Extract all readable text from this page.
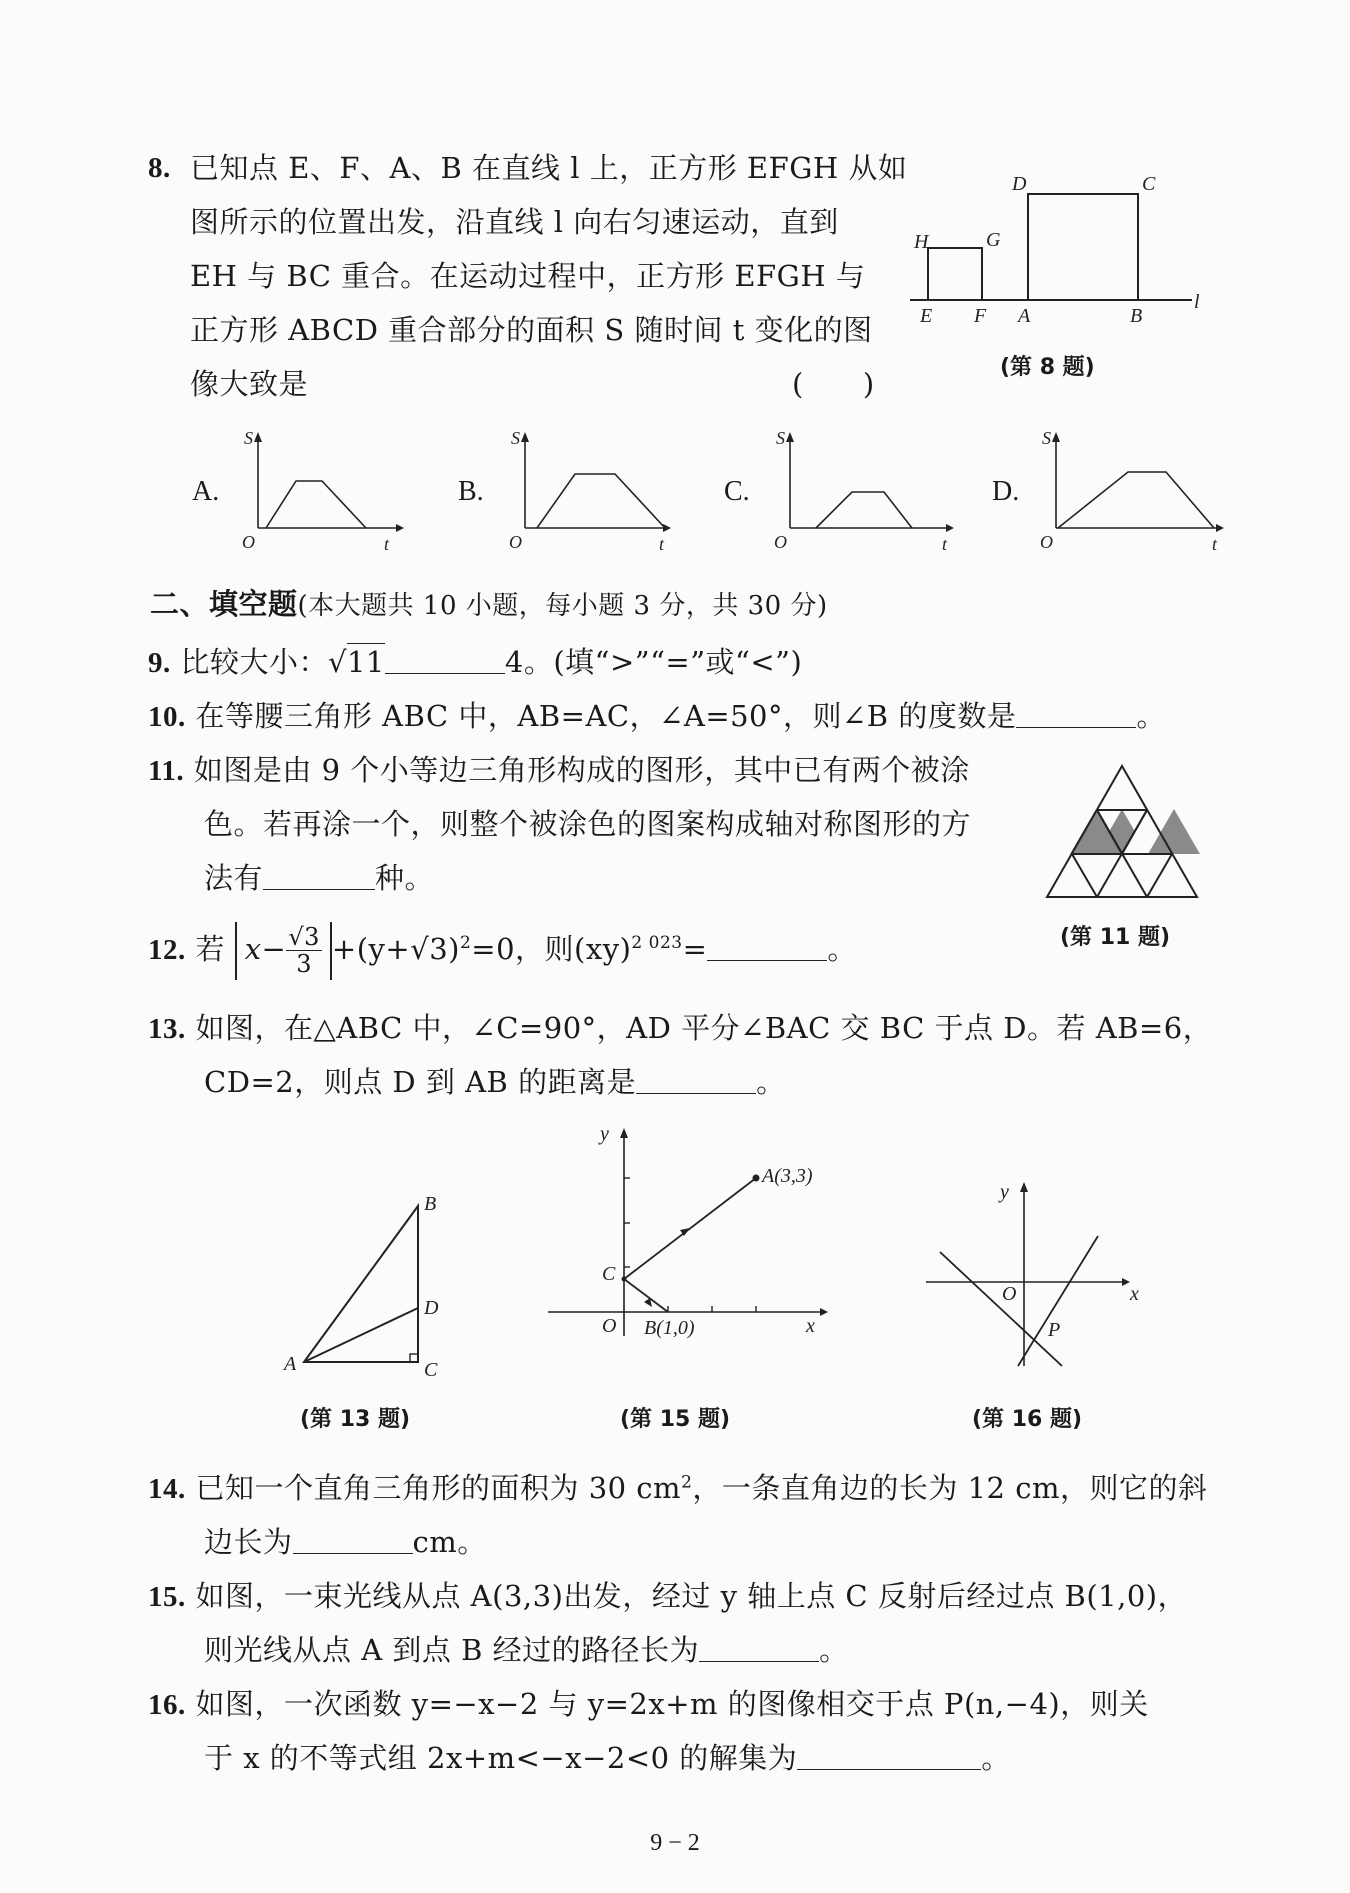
8. 已知点 E、F、A、B 在直线 l 上，正方形 EFGH 从如
图所示的位置出发，沿直线 l 向右匀速运动，直到
EH 与 BC 重合。在运动过程中，正方形 EFGH 与
正方形 ABCD 重合部分的面积 S 随时间 t 变化的图
像大致是	(　　)
H	G
E F A	B
D	C
l
(第 8 题)
A.
S
O	t
B.
S
O	t
C.
S
O	t
D.
S
O	t
二、填空题(本大题共 10 小题，每小题 3 分，共 30 分)
9. 比较大小：√11	4。(填“>”“=”或“<”)
10. 在等腰三角形 ABC 中，AB=AC，∠A=50°，则∠B 的度数是	。
11. 如图是由 9 个小等边三角形构成的图形，其中已有两个被涂
色。若再涂一个，则整个被涂色的图案构成轴对称图形的方
法有	种。
(第 11 题)
12. 若 $x- \frac{√3}{3} +(y+√3)^2=0$，则(xy)$^{2 023}$=	。
13. 如图，在△ABC 中，∠C=90°，AD 平分∠BAC 交 BC 于点 D。若 AB=6，
CD=2，则点 D 到 AB 的距离是	。
A
B
D
C
(第 13 题)
y
x
O
C
A(3,3)
B(1,0)
(第 15 题)
y
x
O
P
(第 16 题)
14. 已知一个直角三角形的面积为 30 $cm^2$，一条直角边的长为 12 cm，则它的斜
边长为	cm。
15. 如图，一束光线从点 A(3,3)出发，经过 y 轴上点 C 反射后经过点 B(1,0)，
则光线从点 A 到点 B 经过的路径长为	。
16. 如图，一次函数 y=−x−2 与 y=2x+m 的图像相交于点 P(n,−4)，则关
于 x 的不等式组 2x+m<−x−2<0 的解集为	。
9 − 2
